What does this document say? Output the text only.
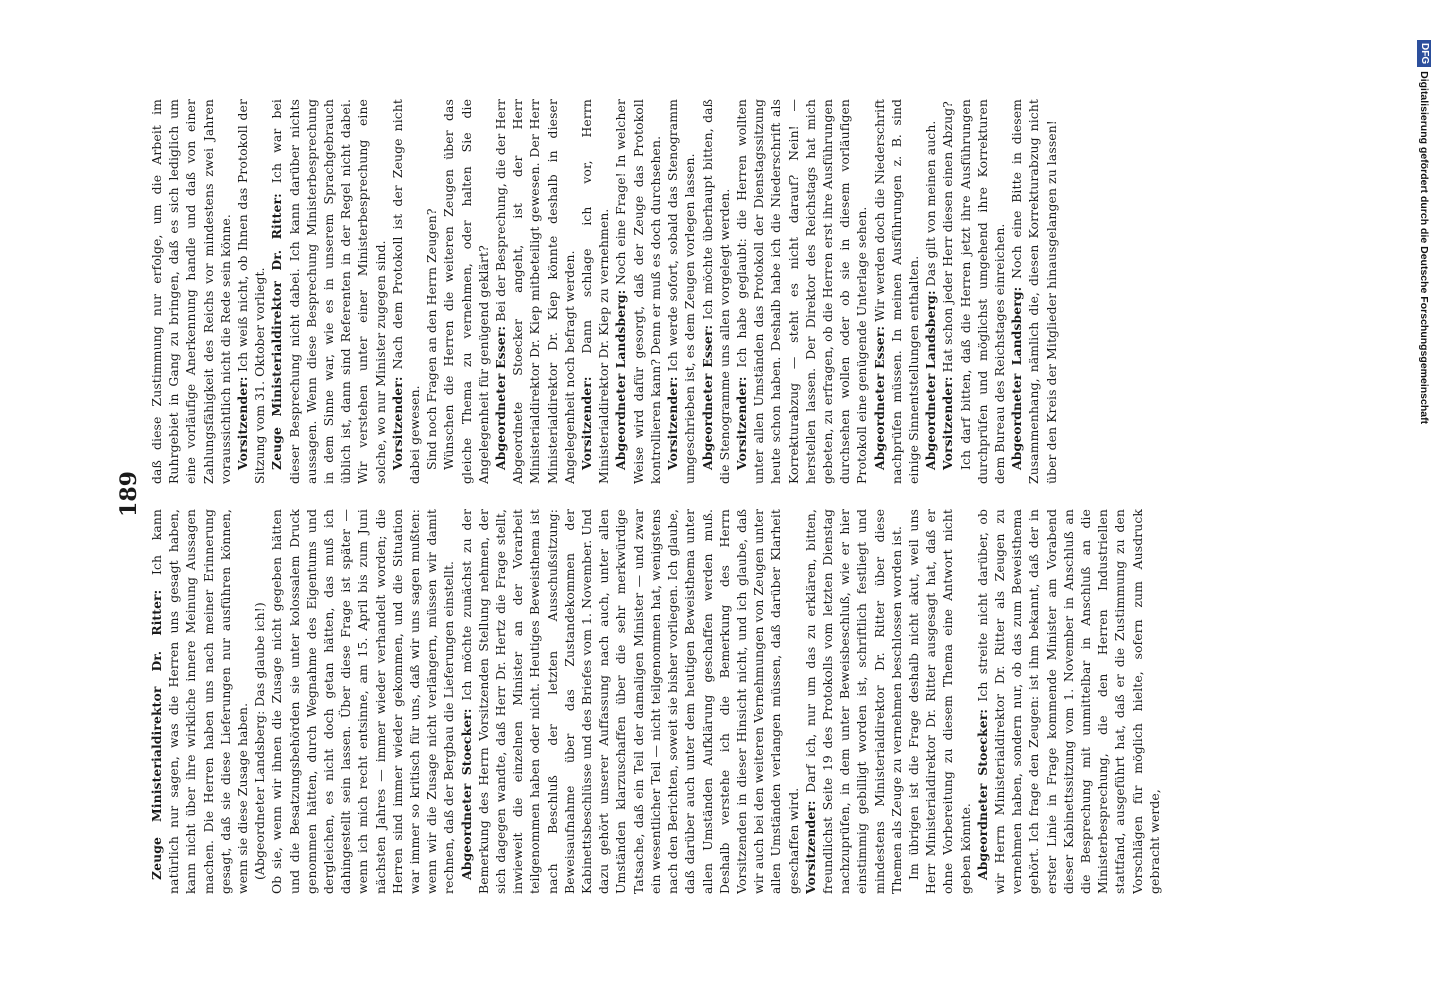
189

Zeuge Ministerialdirektor Dr. Ritter: Ich kann natürlich nur sagen, was die Herren uns gesagt haben, kann nicht über ihre wirkliche innere Meinung Aussagen machen. Die Herren haben uns nach meiner Erinnerung gesagt, daß sie diese Lieferungen nur ausführen können, wenn sie diese Zusage haben. (Abgeordneter Landsberg: Das glaube ich!) Ob sie, wenn wir ihnen die Zusage nicht gegeben hätten und die Besatzungsbehörden sie unter kolossalem Druck genommen hätten, durch Wegnahme des Eigentums und dergleichen, es nicht doch getan hätten, das muß ich dahingestellt sein lassen. Über diese Frage ist später — wenn ich mich recht entsinne, am 15. April bis zum Juni nächsten Jahres — immer wieder verhandelt worden; die Herren sind immer wieder gekommen, und die Situation war immer so kritisch für uns, daß wir uns sagen mußten: wenn wir die Zusage nicht verlängern, müssen wir damit rechnen, daß der Bergbau die Lieferungen einstellt. Abgeordneter Stoecker: Ich möchte zunächst zu der Bemerkung des Herrn Vorsitzenden Stellung nehmen, der sich dagegen wandte, daß Herr Dr. Hertz die Frage stellt, inwieweit die einzelnen Minister an der Vorarbeit teilgenommen haben oder nicht. Heutiges Beweisthema ist nach Beschluß der letzten Ausschußsitzung: Beweisaufnahme über das Zustandekommen der Kabinettsbeschlüsse und des Briefes vom 1. November. Und dazu gehört unserer Auffassung nach auch, unter allen Umständen klarzuschaffen über die sehr merkwürdige Tatsache, daß ein Teil der damaligen Minister — und zwar ein wesentlicher Teil — nicht teilgenommen hat, wenigstens nach den Berichten, soweit sie bisher vorliegen. Ich glaube, daß darüber auch unter dem heutigen Beweisthema unter allen Umständen Aufklärung geschaffen werden muß. Deshalb verstehe ich die Bemerkung des Herrn Vorsitzenden in dieser Hinsicht nicht, und ich glaube, daß wir auch bei den weiteren Vernehmungen von Zeugen unter allen Umständen verlangen müssen, daß darüber Klarheit geschaffen wird. Vorsitzender: Darf ich, nur um das zu erklären, bitten, freundlichst Seite 19 des Protokolls vom letzten Dienstag nachzuprüfen, in dem unter Beweisbeschluß, wie er hier einstimmig gebilligt worden ist, schriftlich festliegt und mindestens Ministerialdirektor Dr. Ritter über diese Themen als Zeuge zu vernehmen beschlossen worden ist. Im übrigen ist die Frage deshalb nicht akut, weil uns Herr Ministerialdirektor Dr. Ritter ausgesagt hat, daß er ohne Vorbereitung zu diesem Thema eine Antwort nicht geben könnte. Abgeordneter Stoecker: Ich streite nicht darüber, ob wir Herrn Ministerialdirektor Dr. Ritter als Zeugen zu vernehmen haben, sondern nur, ob das zum Beweisthema gehört. Ich frage den Zeugen: ist ihm bekannt, daß der in erster Linie in Frage kommende Minister am Vorabend dieser Kabinettssitzung vom 1. November in Anschluß an die Besprechung mit unmittelbar in Anschluß an die Ministerbesprechung, die den Herren Industriellen stattfand, ausgeführt hat, daß er die Zustimmung zu den Vorschlägen für möglich hielte, sofern zum Ausdruck gebracht werde,

daß diese Zustimmung nur erfolge, um die Arbeit im Ruhrgebiet in Gang zu bringen, daß es sich lediglich um eine vorläufige Anerkennung handle und daß von einer Zahlungsfähigkeit des Reichs vor mindestens zwei Jahren voraussichtlich nicht die Rede sein könne. Vorsitzender: Ich weiß nicht, ob Ihnen das Protokoll der Sitzung vom 31. Oktober vorliegt. Zeuge Ministerialdirektor Dr. Ritter: Ich war bei dieser Besprechung nicht dabei. Ich kann darüber nichts aussagen. Wenn diese Besprechung Ministerbesprechung in dem Sinne war, wie es in unserem Sprachgebrauch üblich ist, dann sind Referenten in der Regel nicht dabei. Wir verstehen unter einer Ministerbesprechung eine solche, wo nur Minister zugegen sind. Vorsitzender: Nach dem Protokoll ist der Zeuge nicht dabei gewesen. Sind noch Fragen an den Herrn Zeugen? Wünschen die Herren die weiteren Zeugen über das gleiche Thema zu vernehmen, oder halten Sie die Angelegenheit für genügend geklärt? Abgeordneter Esser: Bei der Besprechung, die der Herr Abgeordnete Stoecker angeht, ist der Herr Ministerialdirektor Dr. Kiep mitbeteiligt gewesen. Der Herr Ministerialdirektor Dr. Kiep könnte deshalb in dieser Angelegenheit noch befragt werden. Vorsitzender: Dann schlage ich vor, Herrn Ministerialdirektor Dr. Kiep zu vernehmen. Abgeordneter Landsberg: Noch eine Frage! In welcher Weise wird dafür gesorgt, daß der Zeuge das Protokoll kontrollieren kann? Denn er muß es doch durchsehen. Vorsitzender: Ich werde sofort, sobald das Stenogramm umgeschrieben ist, es dem Zeugen vorlegen lassen. Abgeordneter Esser: Ich möchte überhaupt bitten, daß die Stenogramme uns allen vorgelegt werden. Vorsitzender: Ich habe geglaubt: die Herren wollten unter allen Umständen das Protokoll der Dienstagssitzung heute schon haben. Deshalb habe ich die Niederschrift als Korrekturabzug — steht es nicht darauf? Nein! — herstellen lassen. Der Direktor des Reichstags hat mich gebeten, zu erfragen, ob die Herren erst ihre Ausführungen durchsehen wollen oder ob sie in diesem vorläufigen Protokoll eine genügende Unterlage sehen. Abgeordneter Esser: Wir werden doch die Niederschrift nachprüfen müssen. In meinen Ausführungen z. B. sind einige Sinnentstellungen enthalten. Abgeordneter Landsberg: Das gilt von meinen auch.

Vorsitzender: Hat schon jeder Herr diesen einen Abzug? Ich darf bitten, daß die Herren jetzt ihre Ausführungen durchprüfen und möglichst umgehend ihre Korrekturen dem Bureau des Reichstages einreichen. Abgeordneter Landsberg: Noch eine Bitte in diesem Zusammenhang, nämlich die, diesen Korrekturabzug nicht über den Kreis der Mitglieder hinausgelangen zu lassen!

DFGDigitalisierung gefördert durch die Deutsche Forschungsgemeinschaft
